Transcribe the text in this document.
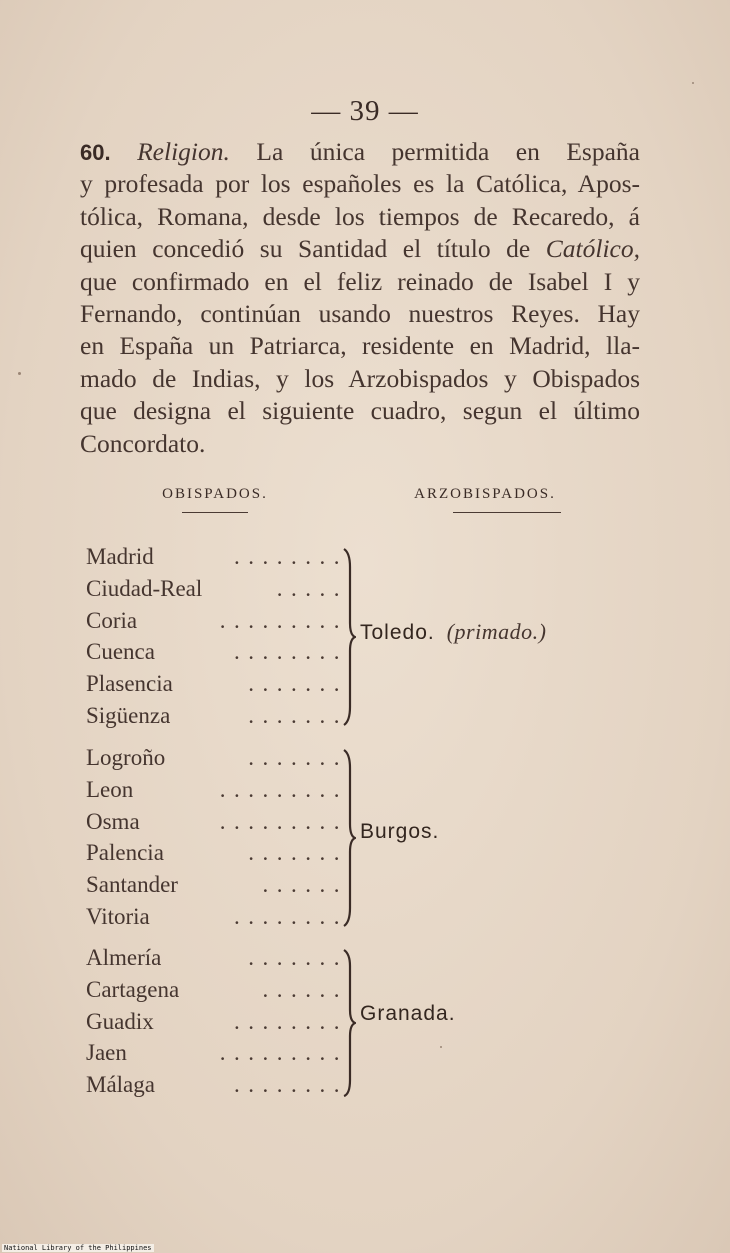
— 39 —
60. Religion. La única permitida en España
y profesada por los españoles es la Católica, Apos-
tólica, Romana, desde los tiempos de Recaredo, á
quien concedió su Santidad el título de Católico,
que confirmado en el feliz reinado de Isabel I y
Fernando, continúan usando nuestros Reyes. Hay
en España un Patriarca, residente en Madrid, lla-
mado de Indias, y los Arzobispados y Obispados
que designa el siguiente cuadro, segun el último
Concordato.
OBISPADOS.	ARZOBISPADOS.
Madrid	........
Ciudad-Real	.....
Coria	.........
Cuenca	........
Plasencia	.......
Sigüenza	.......
Toledo. (primado.)
Logroño	.......
Leon	.........
Osma	.........
Palencia	.......
Santander	......
Vitoria	........
Burgos.
Almería	.......
Cartagena	......
Guadix	........
Jaen	.........
Málaga	........
Granada.
National Library of the Philippines
